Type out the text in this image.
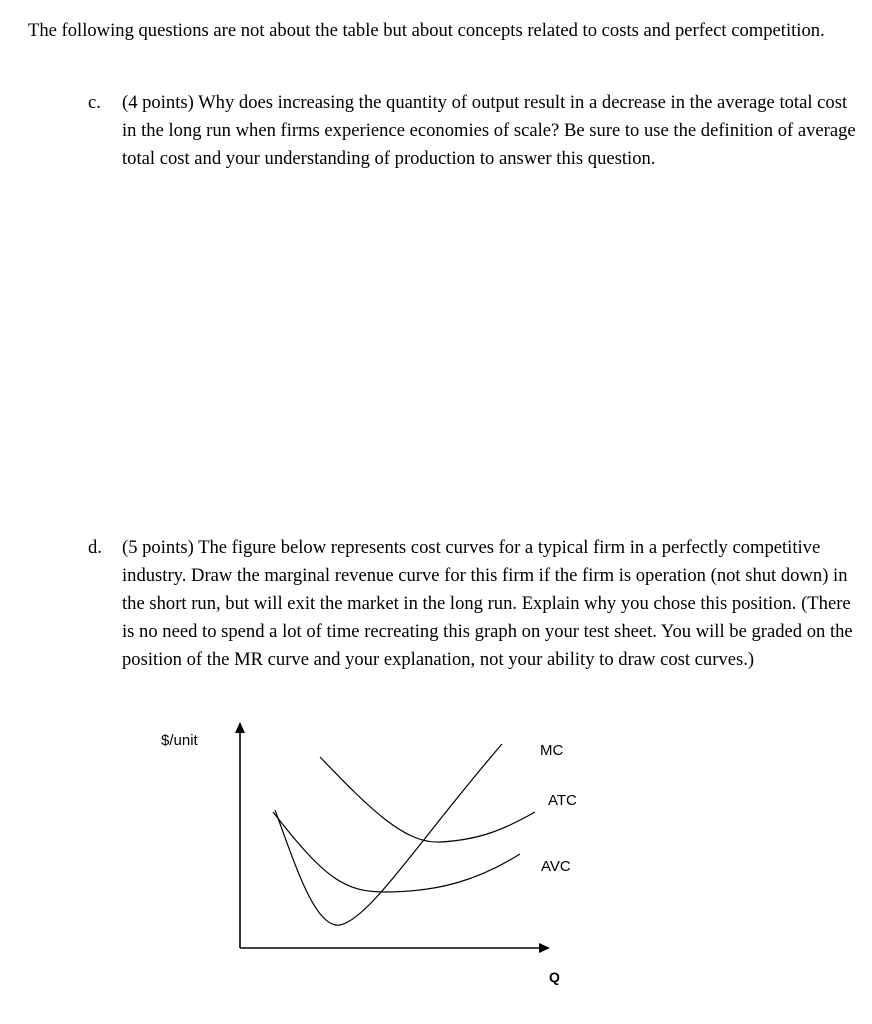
The following questions are not about the table but about concepts related to costs and perfect competition.

c.	(4 points) Why does increasing the quantity of output result in a decrease in the average total cost in the long run when firms experience economies of scale? Be sure to use the definition of average total cost and your understanding of production to answer this question.

d.	(5 points) The figure below represents cost curves for a typical firm in a perfectly competitive industry. Draw the marginal revenue curve for this firm if the firm is operation (not shut down) in the short run, but will exit the market in the long run. Explain why you chose this position. (There is no need to spend a lot of time recreating this graph on your test sheet. You will be graded on the position of the MR curve and your explanation, not your ability to draw cost curves.)

$/unit
MC
ATC
AVC
Q
